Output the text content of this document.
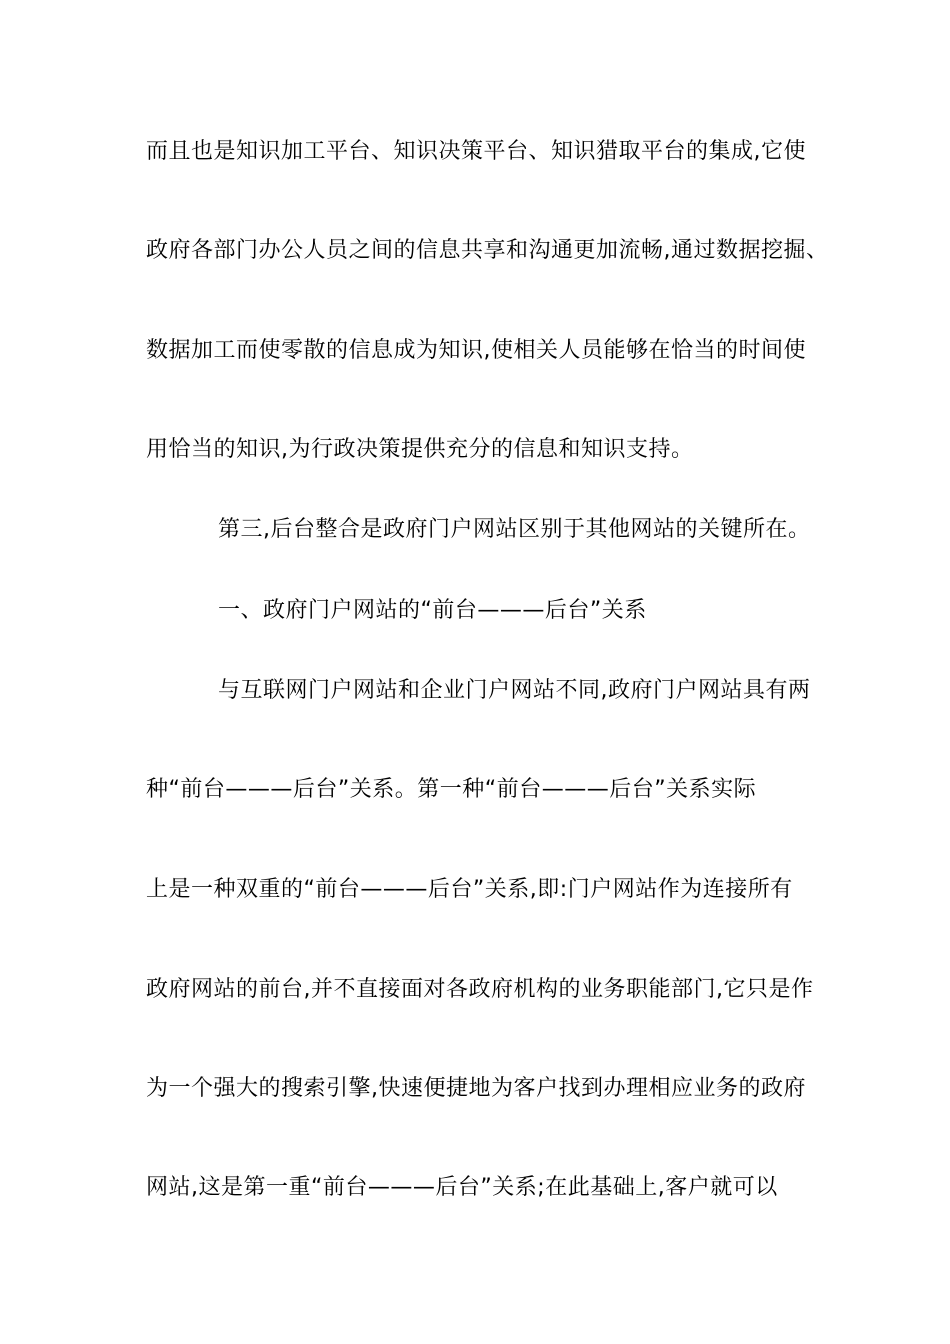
而且也是知识加工平台、知识决策平台、知识猎取平台的集成,它使
政府各部门办公人员之间的信息共享和沟通更加流畅,通过数据挖掘、
数据加工而使零散的信息成为知识,使相关人员能够在恰当的时间使
用恰当的知识,为行政决策提供充分的信息和知识支持。
第三,后台整合是政府门户网站区别于其他网站的关键所在。
一、政府门户网站的“前台———后台”关系
与互联网门户网站和企业门户网站不同,政府门户网站具有两
种“前台———后台”关系。第一种“前台———后台”关系实际
上是一种双重的“前台———后台”关系,即:门户网站作为连接所有
政府网站的前台,并不直接面对各政府机构的业务职能部门,它只是作
为一个强大的搜索引擎,快速便捷地为客户找到办理相应业务的政府
网站,这是第一重“前台———后台”关系;在此基础上,客户就可以
